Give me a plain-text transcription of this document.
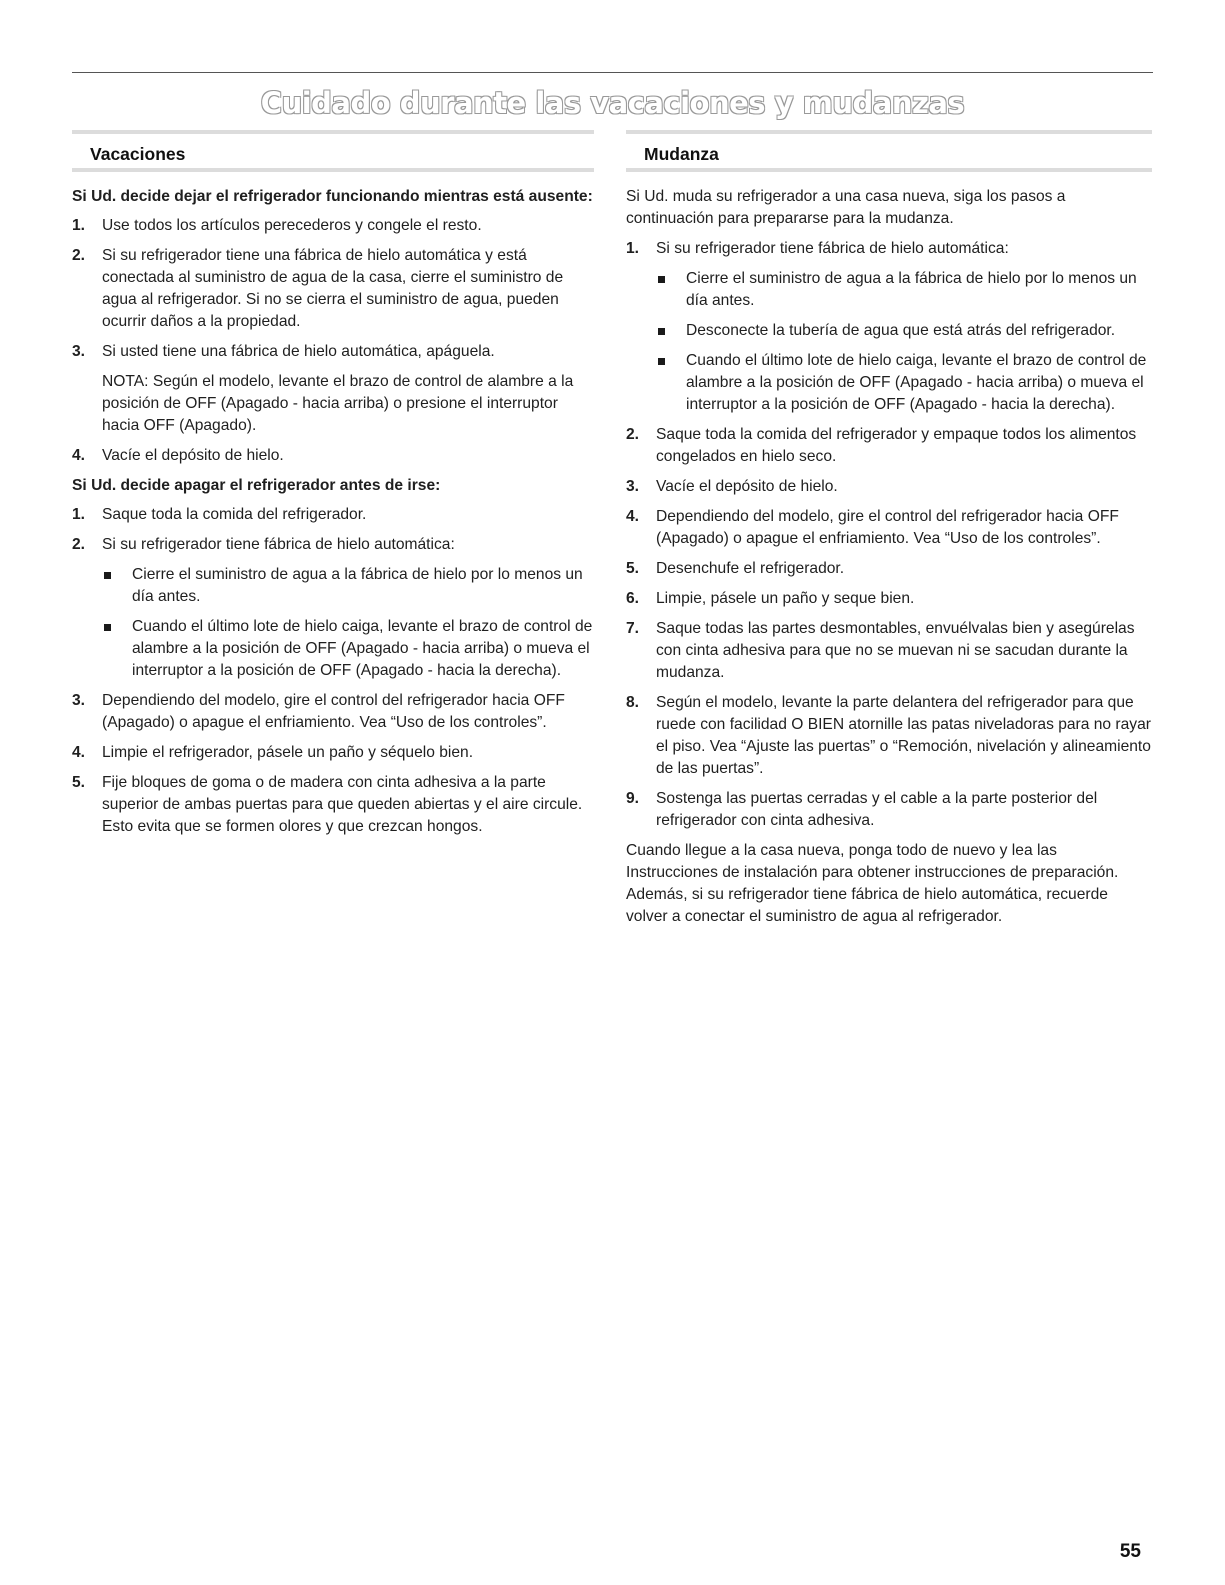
Cuidado durante las vacaciones y mudanzas
Vacaciones
Si Ud. decide dejar el refrigerador funcionando mientras está ausente:
1. Use todos los artículos perecederos y congele el resto.
2. Si su refrigerador tiene una fábrica de hielo automática y está conectada al suministro de agua de la casa, cierre el suministro de agua al refrigerador. Si no se cierra el suministro de agua, pueden ocurrir daños a la propiedad.
3. Si usted tiene una fábrica de hielo automática, apáguela.
NOTA: Según el modelo, levante el brazo de control de alambre a la posición de OFF (Apagado - hacia arriba) o presione el interruptor hacia OFF (Apagado).
4. Vacíe el depósito de hielo.
Si Ud. decide apagar el refrigerador antes de irse:
1. Saque toda la comida del refrigerador.
2. Si su refrigerador tiene fábrica de hielo automática:
Cierre el suministro de agua a la fábrica de hielo por lo menos un día antes.
Cuando el último lote de hielo caiga, levante el brazo de control de alambre a la posición de OFF (Apagado - hacia arriba) o mueva el interruptor a la posición de OFF (Apagado - hacia la derecha).
3. Dependiendo del modelo, gire el control del refrigerador hacia OFF (Apagado) o apague el enfriamiento. Vea “Uso de los controles”.
4. Limpie el refrigerador, pásele un paño y séquelo bien.
5. Fije bloques de goma o de madera con cinta adhesiva a la parte superior de ambas puertas para que queden abiertas y el aire circule. Esto evita que se formen olores y que crezcan hongos.
Mudanza
Si Ud. muda su refrigerador a una casa nueva, siga los pasos a continuación para prepararse para la mudanza.
1. Si su refrigerador tiene fábrica de hielo automática:
Cierre el suministro de agua a la fábrica de hielo por lo menos un día antes.
Desconecte la tubería de agua que está atrás del refrigerador.
Cuando el último lote de hielo caiga, levante el brazo de control de alambre a la posición de OFF (Apagado - hacia arriba) o mueva el interruptor a la posición de OFF (Apagado - hacia la derecha).
2. Saque toda la comida del refrigerador y empaque todos los alimentos congelados en hielo seco.
3. Vacíe el depósito de hielo.
4. Dependiendo del modelo, gire el control del refrigerador hacia OFF (Apagado) o apague el enfriamiento. Vea “Uso de los controles”.
5. Desenchufe el refrigerador.
6. Limpie, pásele un paño y seque bien.
7. Saque todas las partes desmontables, envuélvalas bien y asegúrelas con cinta adhesiva para que no se muevan ni se sacudan durante la mudanza.
8. Según el modelo, levante la parte delantera del refrigerador para que ruede con facilidad O BIEN atornille las patas niveladoras para no rayar el piso. Vea “Ajuste las puertas” o “Remoción, nivelación y alineamiento de las puertas”.
9. Sostenga las puertas cerradas y el cable a la parte posterior del refrigerador con cinta adhesiva.
Cuando llegue a la casa nueva, ponga todo de nuevo y lea las Instrucciones de instalación para obtener instrucciones de preparación. Además, si su refrigerador tiene fábrica de hielo automática, recuerde volver a conectar el suministro de agua al refrigerador.
55
